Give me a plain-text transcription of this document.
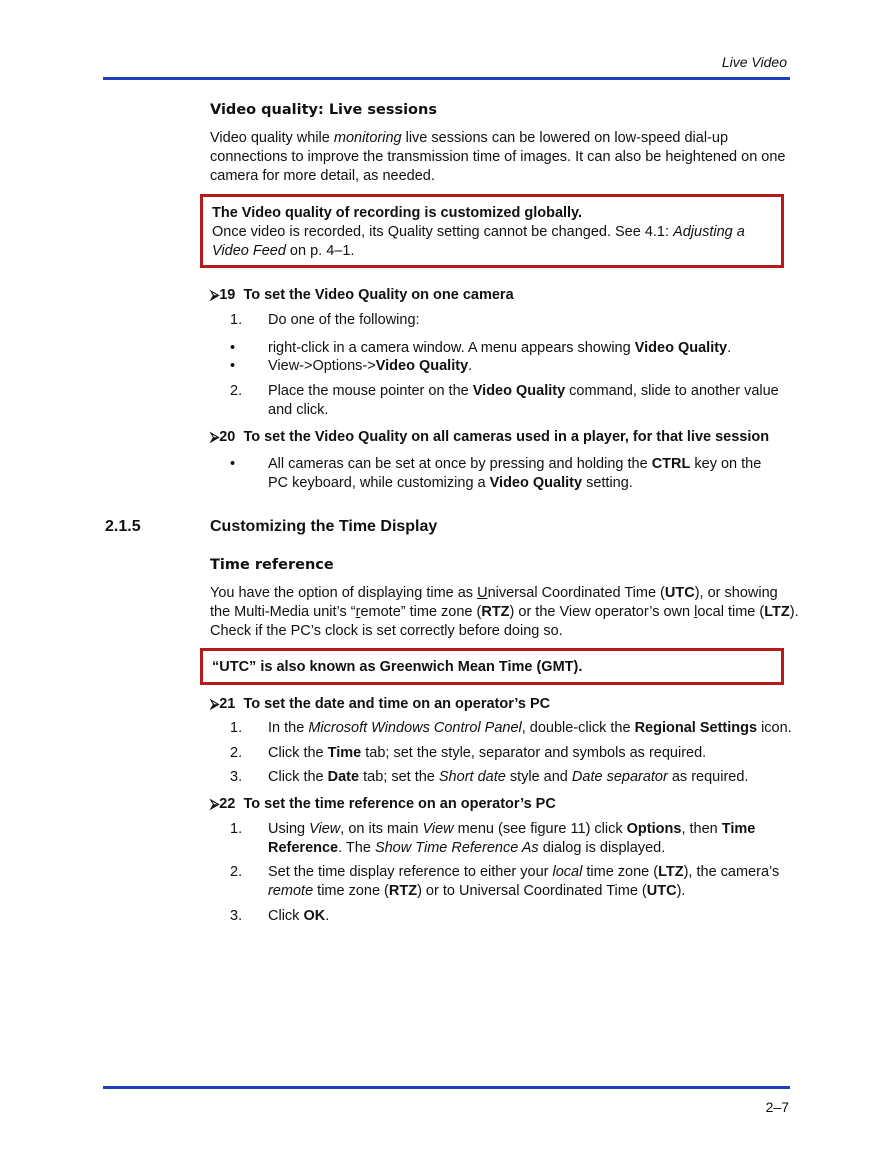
Live Video
Video quality: Live sessions
Video quality while monitoring live sessions can be lowered on low-speed dial-up connections to improve the transmission time of images. It can also be heightened on one camera for more detail, as needed.
The Video quality of recording is customized globally.
Once video is recorded, its Quality setting cannot be changed. See 4.1: Adjusting a Video Feed on p. 4–1.
⮚19 To set the Video Quality on one camera
1.	Do one of the following:
•	right-click in a camera window. A menu appears showing Video Quality.
•	View->Options->Video Quality.
2.	Place the mouse pointer on the Video Quality command, slide to another value and click.
⮚20 To set the Video Quality on all cameras used in a player, for that live session
•	All cameras can be set at once by pressing and holding the CTRL key on the PC keyboard, while customizing a Video Quality setting.
2.1.5	Customizing the Time Display
Time reference
You have the option of displaying time as Universal Coordinated Time (UTC), or showing the Multi-Media unit’s “remote” time zone (RTZ) or the View operator’s own local time (LTZ). Check if the PC’s clock is set correctly before doing so.
“UTC” is also known as Greenwich Mean Time (GMT).
⮚21 To set the date and time on an operator’s PC
1.	In the Microsoft Windows Control Panel, double-click the Regional Settings icon.
2.	Click the Time tab; set the style, separator and symbols as required.
3.	Click the Date tab; set the Short date style and Date separator as required.
⮚22 To set the time reference on an operator’s PC
1.	Using View, on its main View menu (see figure 11) click Options, then Time Reference. The Show Time Reference As dialog is displayed.
2.	Set the time display reference to either your local time zone (LTZ), the camera’s remote time zone (RTZ) or to Universal Coordinated Time (UTC).
3.	Click OK.
2–7
